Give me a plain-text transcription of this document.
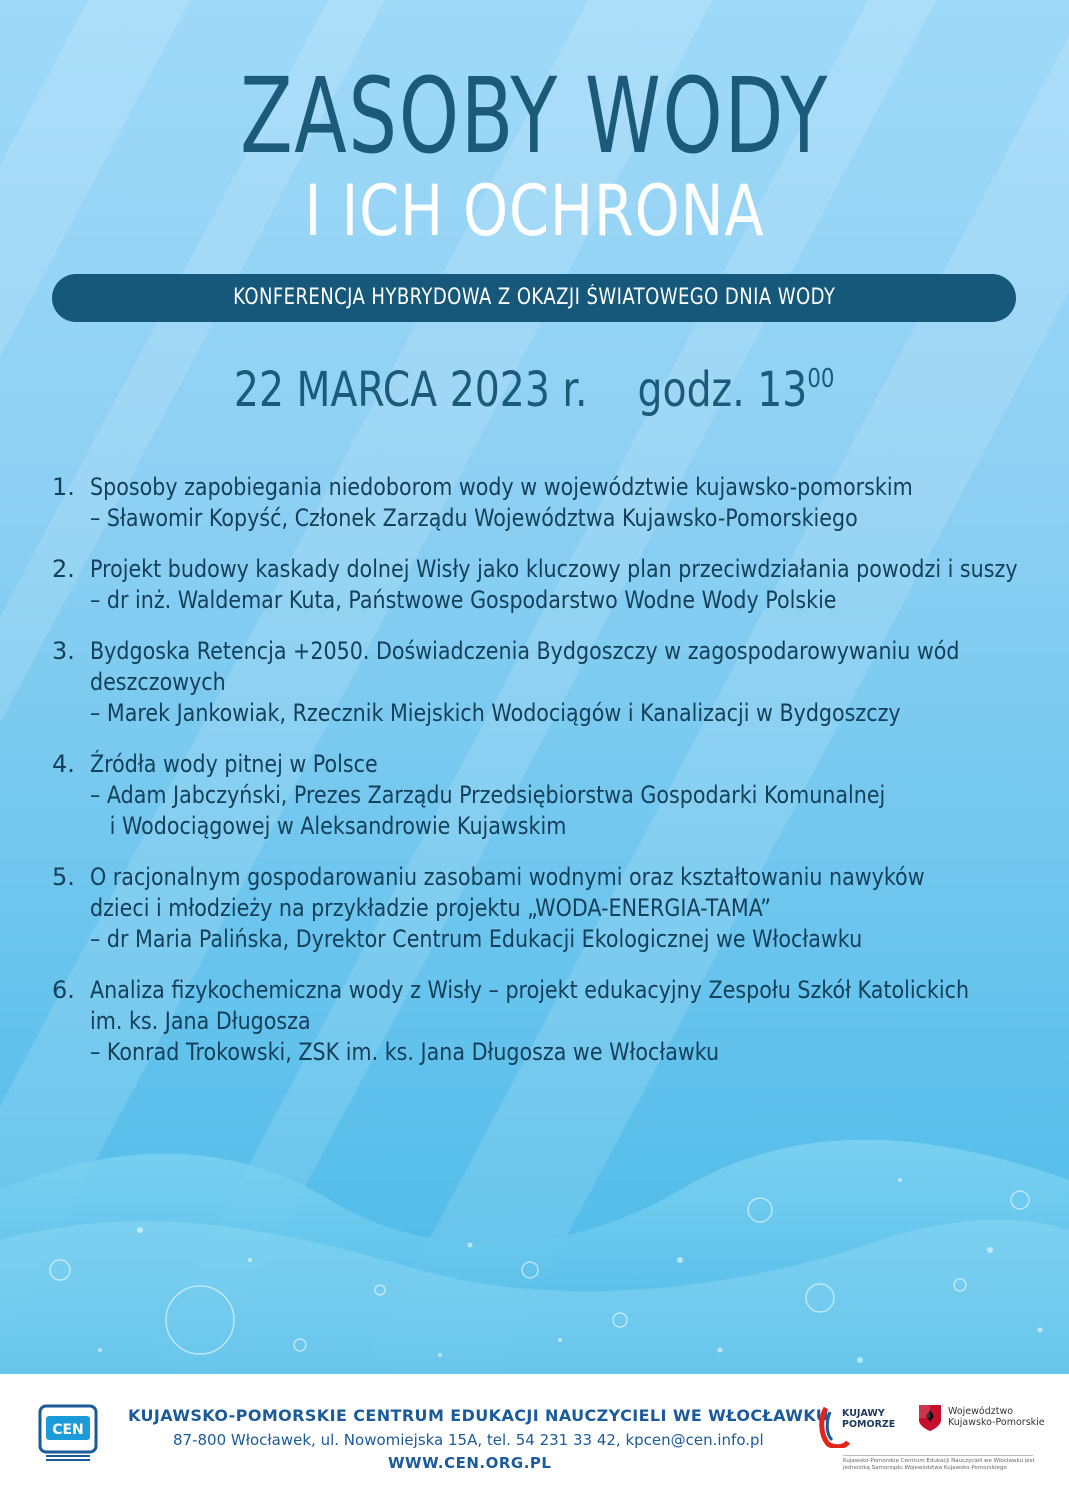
ZASOBY WODY
I ICH OCHRONA
KONFERENCJA HYBRYDOWA Z OKAZJI ŚWIATOWEGO DNIA WODY
22 MARCA 2023 r. godz. $13^{00}$
1. Sposoby zapobiegania niedoborom wody w województwie kujawsko-pomorskim
– Sławomir Kopyść, Członek Zarządu Województwa Kujawsko-Pomorskiego
2. Projekt budowy kaskady dolnej Wisły jako kluczowy plan przeciwdziałania powodzi i suszy
– dr inż. Waldemar Kuta, Państwowe Gospodarstwo Wodne Wody Polskie
3. Bydgoska Retencja +2050. Doświadczenia Bydgoszczy w zagospodarowywaniu wód
deszczowych
– Marek Jankowiak, Rzecznik Miejskich Wodociągów i Kanalizacji w Bydgoszczy
4. Źródła wody pitnej w Polsce
– Adam Jabczyński, Prezes Zarządu Przedsiębiorstwa Gospodarki Komunalnej
i Wodociągowej w Aleksandrowie Kujawskim
5. O racjonalnym gospodarowaniu zasobami wodnymi oraz kształtowaniu nawyków
dzieci i młodzieży na przykładzie projektu „WODA-ENERGIA-TAMA”
– dr Maria Palińska, Dyrektor Centrum Edukacji Ekologicznej we Włocławku
6. Analiza fizykochemiczna wody z Wisły – projekt edukacyjny Zespołu Szkół Katolickich
im. ks. Jana Długosza
– Konrad Trokowski, ZSK im. ks. Jana Długosza we Włocławku
CEN
KUJAWSKO-POMORSKIE CENTRUM EDUKACJI NAUCZYCIELI WE WŁOCŁAWKU
87-800 Włocławek, ul. Nowomiejska 15A, tel. 54 231 33 42, kpcen@cen.info.pl
WWW.CEN.ORG.PL
KUJAWY
POMORZE
Województwo
Kujawsko-Pomorskie
Kujawsko-Pomorskie Centrum Edukacji Nauczycieli we Włocławku jest Jednostką Samorządu Województwa Kujawsko-Pomorskiego
